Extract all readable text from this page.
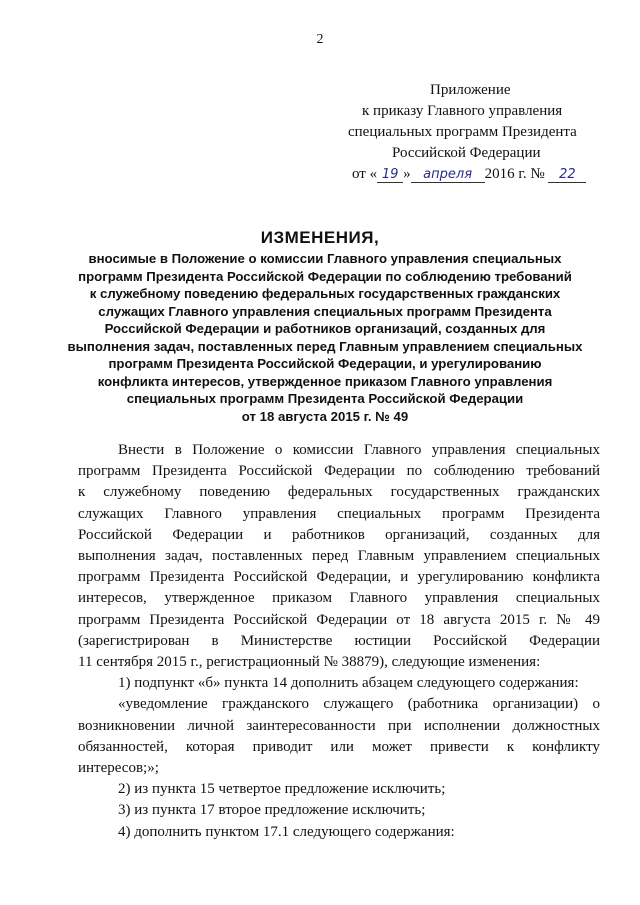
2
Приложение
к приказу Главного управления
специальных программ Президента
Российской Федерации
от « 19 » апреля 2016 г. № 22
ИЗМЕНЕНИЯ,
вносимые в Положение о комиссии Главного управления специальных
программ Президента Российской Федерации по соблюдению требований
к служебному поведению федеральных государственных гражданских
служащих Главного управления специальных программ Президента
Российской Федерации и работников организаций, созданных для
выполнения задач, поставленных перед Главным управлением специальных
программ Президента Российской Федерации, и урегулированию
конфликта интересов, утвержденное приказом Главного управления
специальных программ Президента Российской Федерации
от 18 августа 2015 г. № 49
Внести в Положение о комиссии Главного управления специальных
программ Президента Российской Федерации по соблюдению требований
к служебному поведению федеральных государственных гражданских
служащих Главного управления специальных программ Президента
Российской Федерации и работников организаций, созданных для
выполнения задач, поставленных перед Главным управлением специальных
программ Президента Российской Федерации, и урегулированию конфликта
интересов, утвержденное приказом Главного управления специальных
программ Президента Российской Федерации от 18 августа 2015 г. № 49
(зарегистрирован в Министерстве юстиции Российской Федерации
11 сентября 2015 г., регистрационный № 38879), следующие изменения:
1) подпункт «б» пункта 14 дополнить абзацем следующего содержания:
«уведомление гражданского служащего (работника организации) о
возникновении личной заинтересованности при исполнении должностных
обязанностей, которая приводит или может привести к конфликту
интересов;»;
2) из пункта 15 четвертое предложение исключить;
3) из пункта 17 второе предложение исключить;
4) дополнить пунктом 17.1 следующего содержания:
